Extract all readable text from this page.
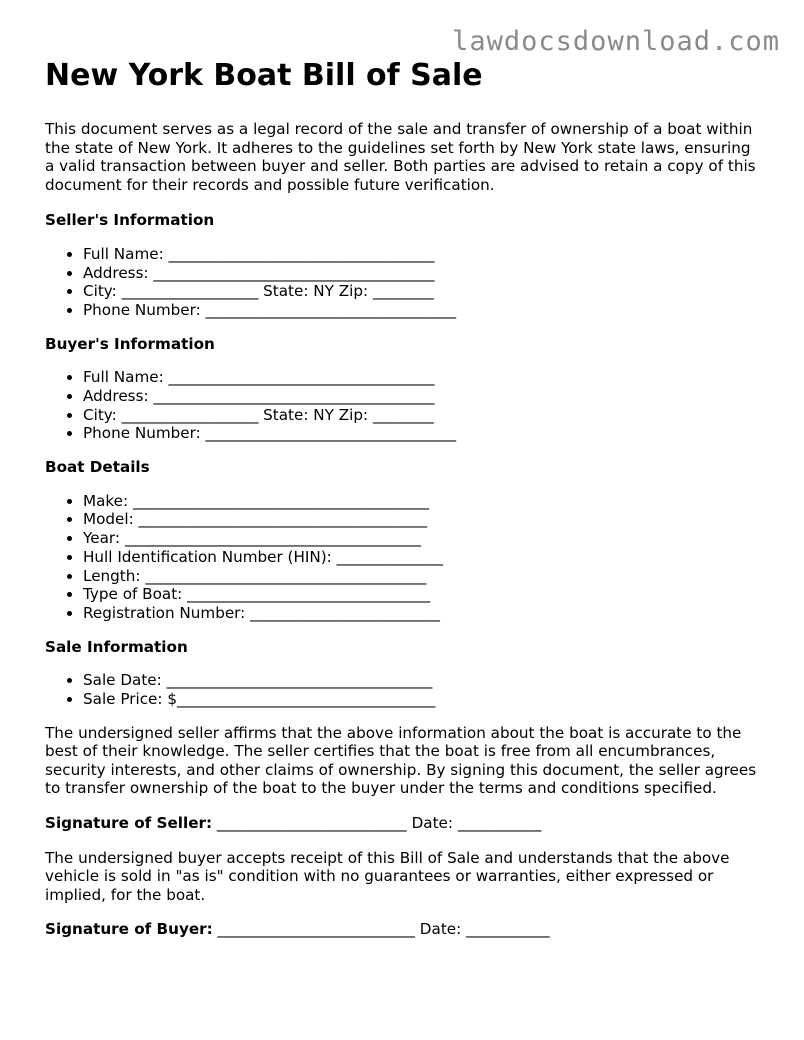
lawdocsdownload.com
New York Boat Bill of Sale

This document serves as a legal record of the sale and transfer of ownership of a boat within the state of New York. It adheres to the guidelines set forth by New York state laws, ensuring a valid transaction between buyer and seller. Both parties are advised to retain a copy of this document for their records and possible future verification.

Seller's Information
Full Name: ___________________________________
Address: _____________________________________
City: __________________ State: NY Zip: ________
Phone Number: _________________________________
Buyer's Information
Full Name: ___________________________________
Address: _____________________________________
City: __________________ State: NY Zip: ________
Phone Number: _________________________________
Boat Details
Make: _______________________________________
Model: ______________________________________
Year: _______________________________________
Hull Identification Number (HIN): ______________
Length: _____________________________________
Type of Boat: ________________________________
Registration Number: _________________________
Sale Information
Sale Date: ___________________________________
Sale Price: $__________________________________

The undersigned seller affirms that the above information about the boat is accurate to the best of their knowledge. The seller certifies that the boat is free from all encumbrances, security interests, and other claims of ownership. By signing this document, the seller agrees to transfer ownership of the boat to the buyer under the terms and conditions specified.

Signature of Seller: _________________________ Date: ___________

The undersigned buyer accepts receipt of this Bill of Sale and understands that the above vehicle is sold in "as is" condition with no guarantees or warranties, either expressed or implied, for the boat.

Signature of Buyer: __________________________ Date: ___________
